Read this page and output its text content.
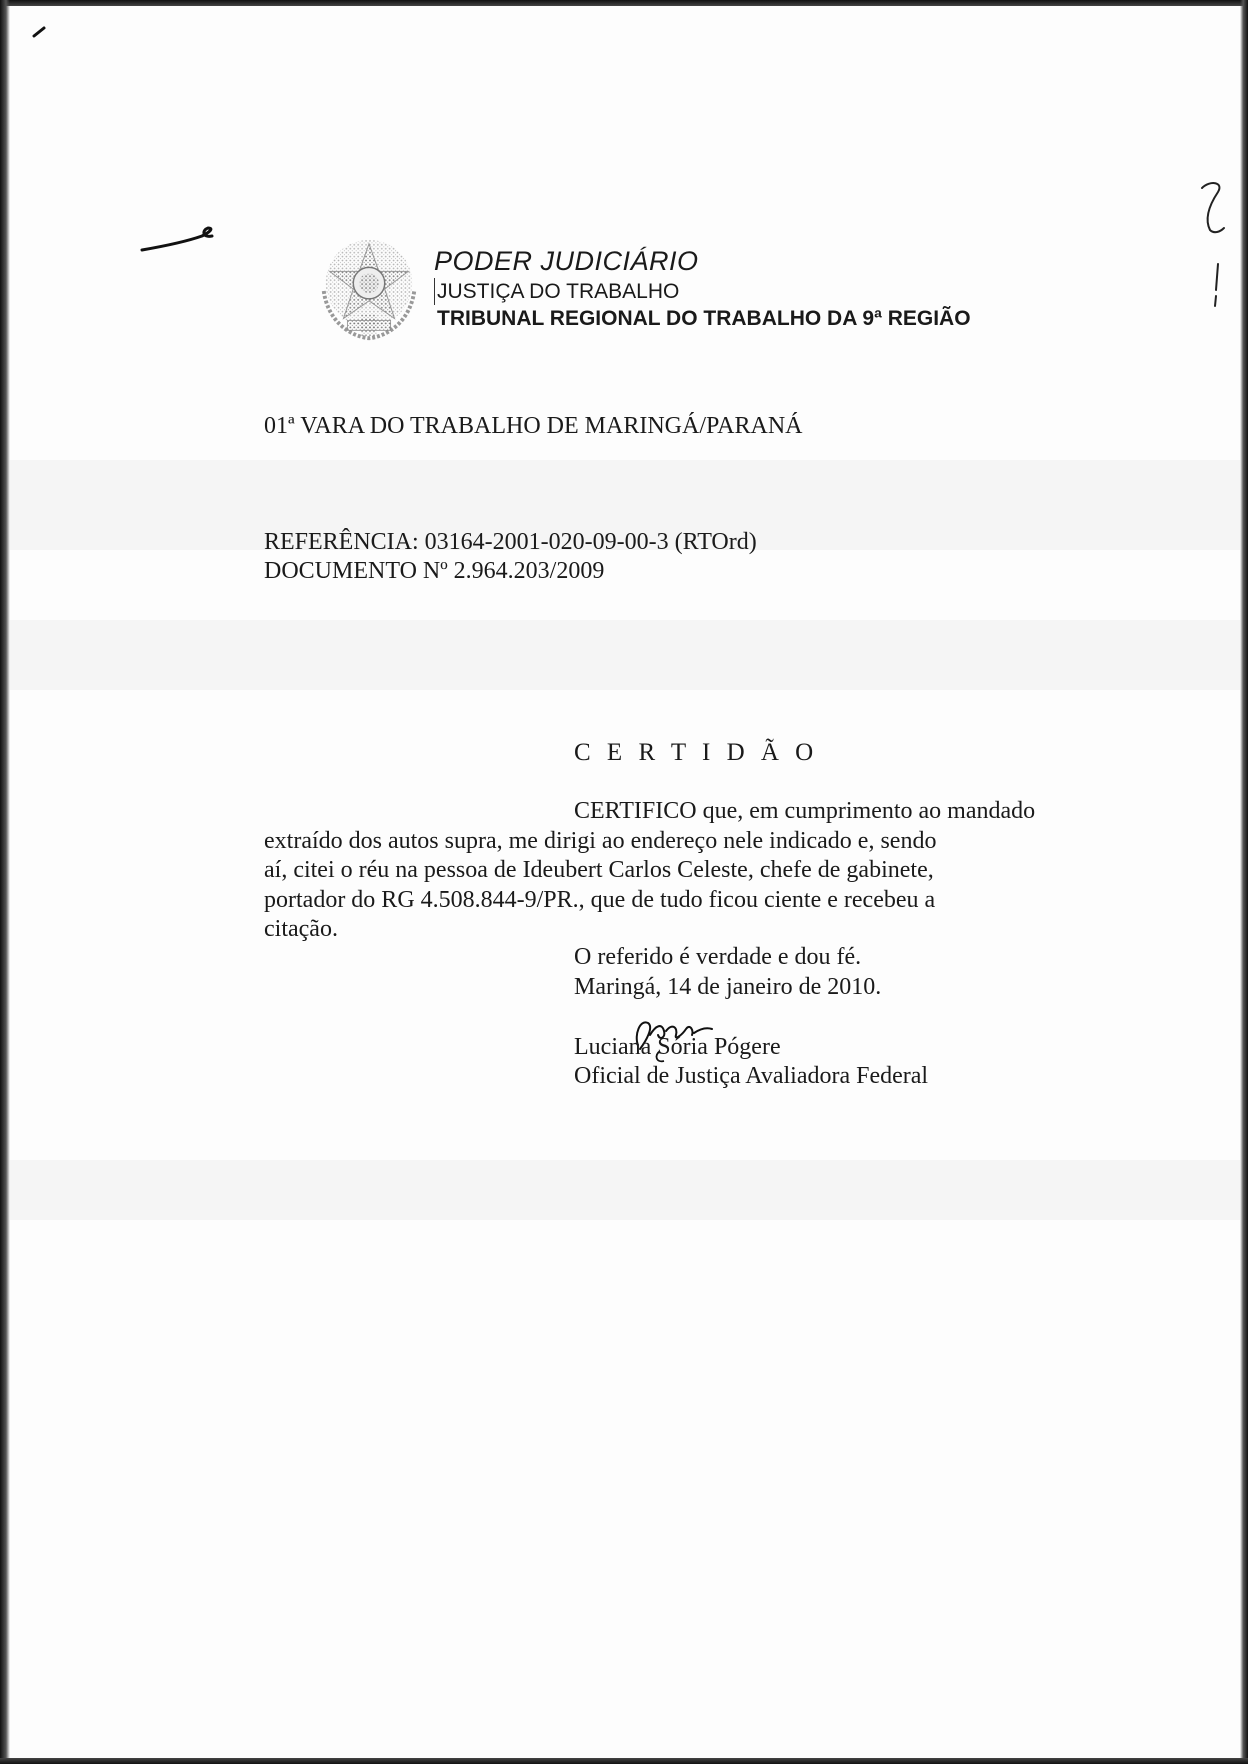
PODER JUDICIÁRIO
JUSTIÇA DO TRABALHO
TRIBUNAL REGIONAL DO TRABALHO DA 9ª REGIÃO
01ª VARA DO TRABALHO DE MARINGÁ/PARANÁ
REFERÊNCIA: 03164-2001-020-09-00-3 (RTOrd)
DOCUMENTO Nº 2.964.203/2009
C E R T I D Ã O
CERTIFICO que, em cumprimento ao mandado
extraído dos autos supra, me dirigi ao endereço nele indicado e, sendo
aí, citei o réu na pessoa de Ideubert Carlos Celeste, chefe de gabinete,
portador do RG 4.508.844-9/PR., que de tudo ficou ciente e recebeu a
citação.
O referido é verdade e dou fé.
Maringá, 14 de janeiro de 2010.
Luciana Sória Pógere
Oficial de Justiça Avaliadora Federal
